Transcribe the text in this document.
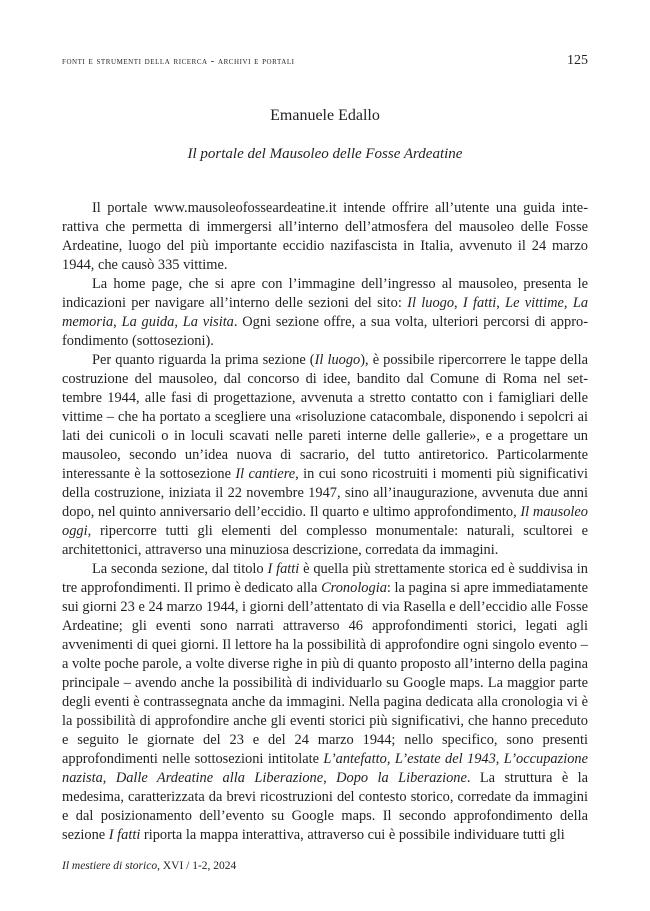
fonti e strumenti della ricerca - archivi e portali	125
Emanuele Edallo
Il portale del Mausoleo delle Fosse Ardeatine

Il portale www.mausoleofosseardeatine.it intende offrire all’utente una guida interattiva che permetta di immergersi all’interno dell’atmosfera del mausoleo delle Fosse Ardeatine, luogo del più importante eccidio nazifascista in Italia, avvenuto il 24 marzo 1944, che causò 335 vittime.

La home page, che si apre con l’immagine dell’ingresso al mausoleo, presenta le indicazioni per navigare all’interno delle sezioni del sito: Il luogo, I fatti, Le vittime, La memoria, La guida, La visita. Ogni sezione offre, a sua volta, ulteriori percorsi di approfondimento (sottosezioni).

Per quanto riguarda la prima sezione (Il luogo), è possibile ripercorrere le tappe della costruzione del mausoleo, dal concorso di idee, bandito dal Comune di Roma nel settembre 1944, alle fasi di progettazione, avvenuta a stretto contatto con i famigliari delle vittime – che ha portato a scegliere una «risoluzione catacombale, disponendo i sepolcri ai lati dei cunicoli o in loculi scavati nelle pareti interne delle gallerie», e a progettare un mausoleo, secondo un’idea nuova di sacrario, del tutto antiretorico. Particolarmente interessante è la sottosezione Il cantiere, in cui sono ricostruiti i momenti più significativi della costruzione, iniziata il 22 novembre 1947, sino all’inaugurazione, avvenuta due anni dopo, nel quinto anniversario dell’eccidio. Il quarto e ultimo approfondimento, Il mausoleo oggi, ripercorre tutti gli elementi del complesso monumentale: naturali, scultorei e architettonici, attraverso una minuziosa descrizione, corredata da immagini.

La seconda sezione, dal titolo I fatti è quella più strettamente storica ed è suddivisa in tre approfondimenti. Il primo è dedicato alla Cronologia: la pagina si apre immediatamente sui giorni 23 e 24 marzo 1944, i giorni dell’attentato di via Rasella e dell’eccidio alle Fosse Ardeatine; gli eventi sono narrati attraverso 46 approfondimenti storici, legati agli avvenimenti di quei giorni. Il lettore ha la possibilità di approfondire ogni singolo evento – a volte poche parole, a volte diverse righe in più di quanto proposto all’interno della pagina principale – avendo anche la possibilità di individuarlo su Google maps. La maggior parte degli eventi è contrassegnata anche da immagini. Nella pagina dedicata alla cronologia vi è la possibilità di approfondire anche gli eventi storici più significativi, che hanno preceduto e seguito le giornate del 23 e del 24 marzo 1944; nello specifico, sono presenti approfondimenti nelle sottosezioni intitolate L’antefatto, L’estate del 1943, L’occupazione nazista, Dalle Ardeatine alla Liberazione, Dopo la Liberazione. La struttura è la medesima, caratterizzata da brevi ricostruzioni del contesto storico, corredate da immagini e dal posizionamento dell’evento su Google maps. Il secondo approfondimento della sezione I fatti riporta la mappa interattiva, attraverso cui è possibile individuare tutti gli

Il mestiere di storico, XVI / 1-2, 2024
